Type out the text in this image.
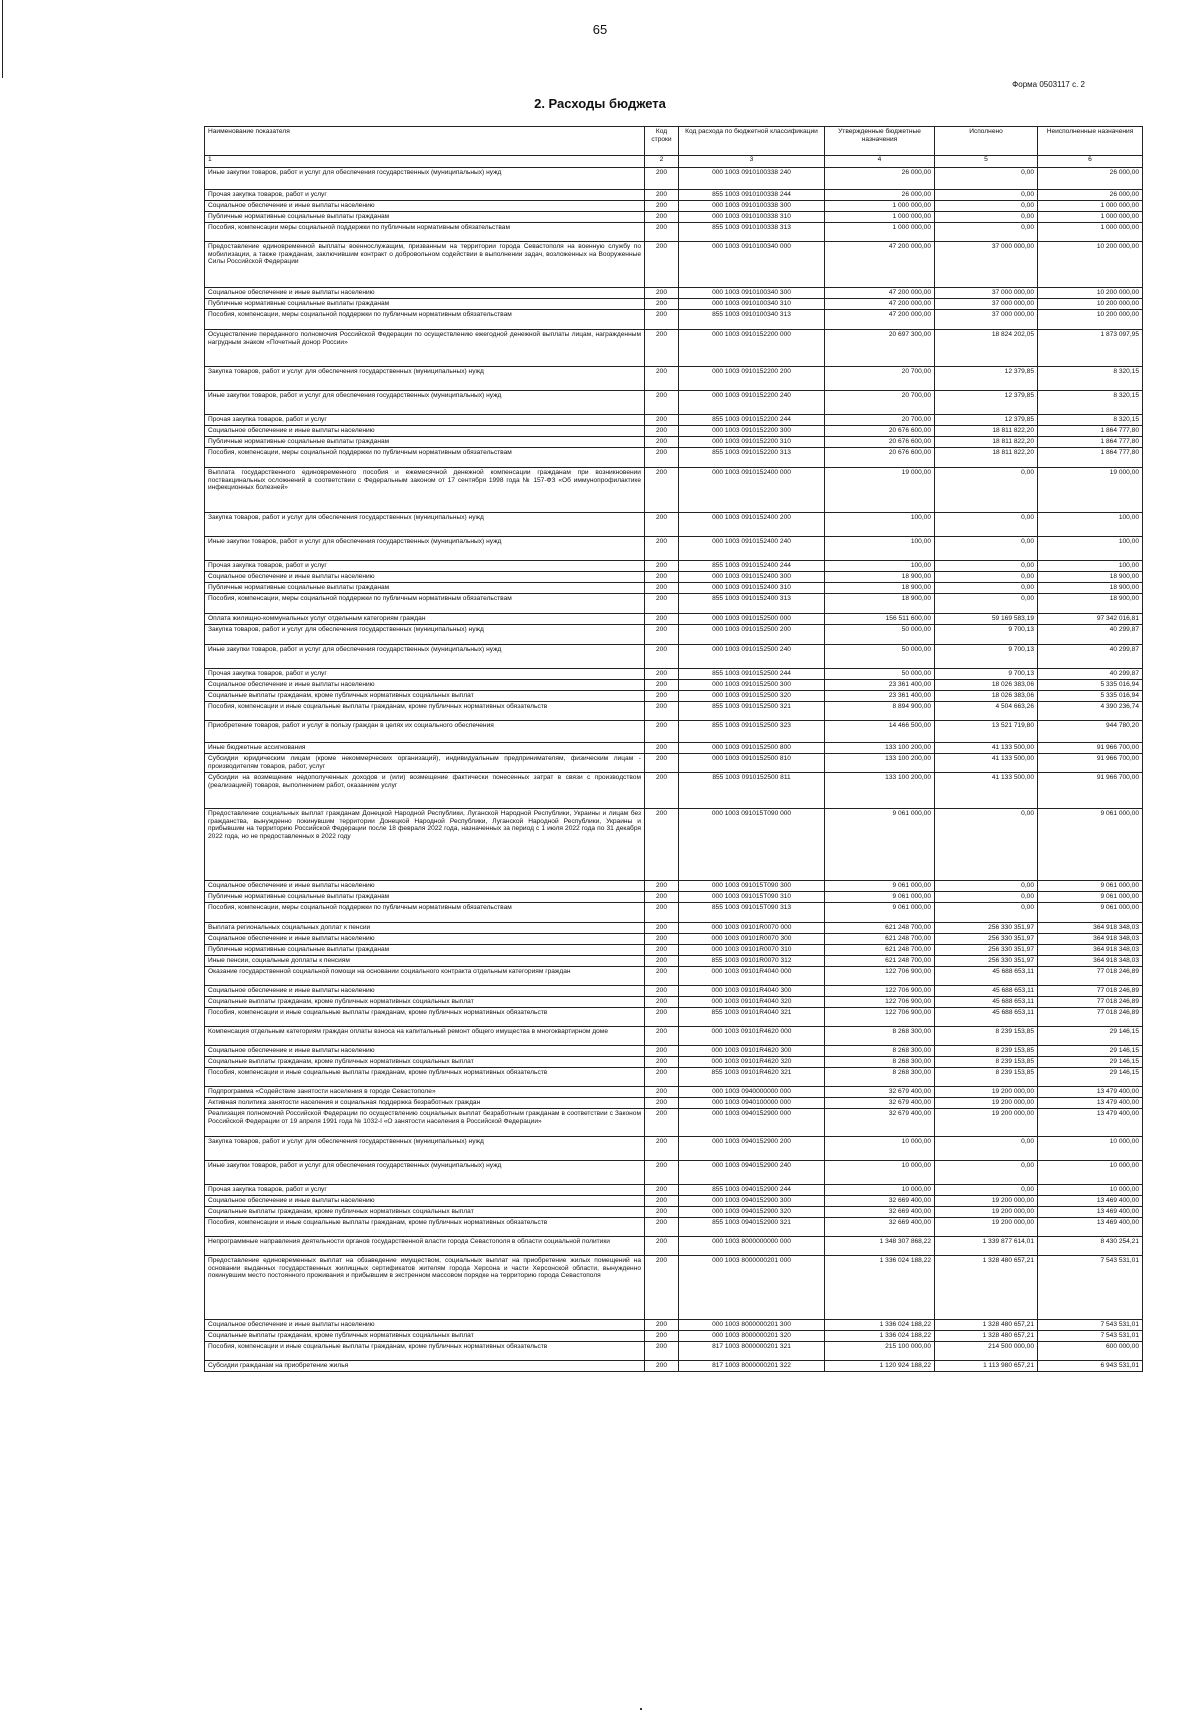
65
Форма 0503117 с. 2
2. Расходы бюджета
Наименование показателя	Код строки	Код расхода по бюджетной классификации	Утвержденные бюджетные назначения	Исполнено	Неисполненные назначения
1	2	3	4	5	6
Иные закупки товаров, работ и услуг для обеспечения государственных (муниципальных) нужд	200	000 1003 0910100338 240	26 000,00	0,00	26 000,00
Прочая закупка товаров, работ и услуг	200	855 1003 0910100338 244	26 000,00	0,00	26 000,00
Социальное обеспечение и иные выплаты населению	200	000 1003 0910100338 300	1 000 000,00	0,00	1 000 000,00
Публичные нормативные социальные выплаты гражданам	200	000 1003 0910100338 310	1 000 000,00	0,00	1 000 000,00
Пособия, компенсации меры социальной поддержки по публичным нормативным обязательствам	200	855 1003 0910100338 313	1 000 000,00	0,00	1 000 000,00
Предоставление единовременной выплаты военнослужащим, призванным на территории города Севастополя на военную службу по мобилизации, а также гражданам, заключившим контракт о добровольном содействии в выполнении задач, возложенных на Вооруженные Силы Российской Федерации	200	000 1003 0910100340 000	47 200 000,00	37 000 000,00	10 200 000,00
Социальное обеспечение и иные выплаты населению	200	000 1003 0910100340 300	47 200 000,00	37 000 000,00	10 200 000,00
Публичные нормативные социальные выплаты гражданам	200	000 1003 0910100340 310	47 200 000,00	37 000 000,00	10 200 000,00
Пособия, компенсации, меры социальной поддержки по публичным нормативным обязательствам	200	855 1003 0910100340 313	47 200 000,00	37 000 000,00	10 200 000,00
Осуществление переданного полномочия Российской Федерации по осуществлению ежегодной денежной выплаты лицам, награжденным нагрудным знаком «Почетный донор России»	200	000 1003 0910152200 000	20 697 300,00	18 824 202,05	1 873 097,95
Закупка товаров, работ и услуг для обеспечения государственных (муниципальных) нужд	200	000 1003 0910152200 200	20 700,00	12 379,85	8 320,15
Иные закупки товаров, работ и услуг для обеспечения государственных (муниципальных) нужд	200	000 1003 0910152200 240	20 700,00	12 379,85	8 320,15
Прочая закупка товаров, работ и услуг	200	855 1003 0910152200 244	20 700,00	12 379,85	8 320,15
Социальное обеспечение и иные выплаты населению	200	000 1003 0910152200 300	20 676 600,00	18 811 822,20	1 864 777,80
Публичные нормативные социальные выплаты гражданам	200	000 1003 0910152200 310	20 676 600,00	18 811 822,20	1 864 777,80
Пособия, компенсации, меры социальной поддержки по публичным нормативным обязательствам	200	855 1003 0910152200 313	20 676 600,00	18 811 822,20	1 864 777,80
Выплата государственного единовременного пособия и ежемесячной денежной компенсации гражданам при возникновении поствакцинальных осложнений в соответствии с Федеральным законом от 17 сентября 1998 года № 157-ФЗ «Об иммунопрофилактике инфекционных болезней»	200	000 1003 0910152400 000	19 000,00	0,00	19 000,00
Закупка товаров, работ и услуг для обеспечения государственных (муниципальных) нужд	200	000 1003 0910152400 200	100,00	0,00	100,00
Иные закупки товаров, работ и услуг для обеспечения государственных (муниципальных) нужд	200	000 1003 0910152400 240	100,00	0,00	100,00
Прочая закупка товаров, работ и услуг	200	855 1003 0910152400 244	100,00	0,00	100,00
Социальное обеспечение и иные выплаты населению	200	000 1003 0910152400 300	18 900,00	0,00	18 900,00
Публичные нормативные социальные выплаты гражданам	200	000 1003 0910152400 310	18 900,00	0,00	18 900,00
Пособия, компенсации, меры социальной поддержки по публичным нормативным обязательствам	200	855 1003 0910152400 313	18 900,00	0,00	18 900,00
Оплата жилищно-коммунальных услуг отдельным категориям граждан	200	000 1003 0910152500 000	156 511 600,00	59 169 583,19	97 342 016,81
Закупка товаров, работ и услуг для обеспечения государственных (муниципальных) нужд	200	000 1003 0910152500 200	50 000,00	9 700,13	40 299,87
Иные закупки товаров, работ и услуг для обеспечения государственных (муниципальных) нужд	200	000 1003 0910152500 240	50 000,00	9 700,13	40 299,87
Прочая закупка товаров, работ и услуг	200	855 1003 0910152500 244	50 000,00	9 700,13	40 299,87
Социальное обеспечение и иные выплаты населению	200	000 1003 0910152500 300	23 361 400,00	18 026 383,06	5 335 016,94
Социальные выплаты гражданам, кроме публичных нормативных социальных выплат	200	000 1003 0910152500 320	23 361 400,00	18 026 383,06	5 335 016,94
Пособия, компенсации и иные социальные выплаты гражданам, кроме публичных нормативных обязательств	200	855 1003 0910152500 321	8 894 900,00	4 504 663,26	4 390 236,74
Приобретение товаров, работ и услуг в пользу граждан в целях их социального обеспечения	200	855 1003 0910152500 323	14 466 500,00	13 521 719,80	944 780,20
Иные бюджетные ассигнования	200	000 1003 0910152500 800	133 100 200,00	41 133 500,00	91 966 700,00
Субсидии юридическим лицам (кроме некоммерческих организаций), индивидуальным предпринимателям, физическим лицам - производителям товаров, работ, услуг	200	000 1003 0910152500 810	133 100 200,00	41 133 500,00	91 966 700,00
Субсидии на возмещение недополученных доходов и (или) возмещение фактически понесенных затрат в связи с производством (реализацией) товаров, выполнением работ, оказанием услуг	200	855 1003 0910152500 811	133 100 200,00	41 133 500,00	91 966 700,00
Предоставление социальных выплат гражданам Донецкой Народной Республики, Луганской Народной Республики, Украины и лицам без гражданства, вынужденно покинувшим территории Донецкой Народной Республики, Луганской Народной Республики, Украины и прибывшим на территорию Российской Федерации после 18 февраля 2022 года, назначенных за период с 1 июля 2022 года по 31 декабря 2022 года, но не предоставленных в 2022 году	200	000 1003 091015Т090 000	9 061 000,00	0,00	9 061 000,00
Социальное обеспечение и иные выплаты населению	200	000 1003 091015Т090 300	9 061 000,00	0,00	9 061 000,00
Публичные нормативные социальные выплаты гражданам	200	000 1003 091015Т090 310	9 061 000,00	0,00	9 061 000,00
Пособия, компенсации, меры социальной поддержки по публичным нормативным обязательствам	200	855 1003 091015Т090 313	9 061 000,00	0,00	9 061 000,00
Выплата региональных социальных доплат к пенсии	200	000 1003 09101R0070 000	621 248 700,00	256 330 351,97	364 918 348,03
Социальное обеспечение и иные выплаты населению	200	000 1003 09101R0070 300	621 248 700,00	256 330 351,97	364 918 348,03
Публичные нормативные социальные выплаты гражданам	200	000 1003 09101R0070 310	621 248 700,00	256 330 351,97	364 918 348,03
Иные пенсии, социальные доплаты к пенсиям	200	855 1003 09101R0070 312	621 248 700,00	256 330 351,97	364 918 348,03
Оказание государственной социальной помощи на основании социального контракта отдельным категориям граждан	200	000 1003 09101R4040 000	122 706 900,00	45 688 653,11	77 018 246,89
Социальное обеспечение и иные выплаты населению	200	000 1003 09101R4040 300	122 706 900,00	45 688 653,11	77 018 246,89
Социальные выплаты гражданам, кроме публичных нормативных социальных выплат	200	000 1003 09101R4040 320	122 706 900,00	45 688 653,11	77 018 246,89
Пособия, компенсации и иные социальные выплаты гражданам, кроме публичных нормативных обязательств	200	855 1003 09101R4040 321	122 706 900,00	45 688 653,11	77 018 246,89
Компенсация отдельным категориям граждан оплаты взноса на капитальный ремонт общего имущества в многоквартирном доме	200	000 1003 09101R4620 000	8 268 300,00	8 239 153,85	29 146,15
Социальное обеспечение и иные выплаты населению	200	000 1003 09101R4620 300	8 268 300,00	8 239 153,85	29 146,15
Социальные выплаты гражданам, кроме публичных нормативных социальных выплат	200	000 1003 09101R4620 320	8 268 300,00	8 239 153,85	29 146,15
Пособия, компенсации и иные социальные выплаты гражданам, кроме публичных нормативных обязательств	200	855 1003 09101R4620 321	8 268 300,00	8 239 153,85	29 146,15
Подпрограмма «Содействие занятости населения в городе Севастополе»	200	000 1003 0940000000 000	32 679 400,00	19 200 000,00	13 479 400,00
Активная политика занятости населения и социальная поддержка безработных граждан	200	000 1003 0940100000 000	32 679 400,00	19 200 000,00	13 479 400,00
Реализация полномочий Российской Федерации по осуществлению социальных выплат безработным гражданам в соответствии с Законом Российской Федерации от 19 апреля 1991 года № 1032-I «О занятости населения в Российской Федерации»	200	000 1003 0940152900 000	32 679 400,00	19 200 000,00	13 479 400,00
Закупка товаров, работ и услуг для обеспечения государственных (муниципальных) нужд	200	000 1003 0940152900 200	10 000,00	0,00	10 000,00
Иные закупки товаров, работ и услуг для обеспечения государственных (муниципальных) нужд	200	000 1003 0940152900 240	10 000,00	0,00	10 000,00
Прочая закупка товаров, работ и услуг	200	855 1003 0940152900 244	10 000,00	0,00	10 000,00
Социальное обеспечение и иные выплаты населению	200	000 1003 0940152900 300	32 669 400,00	19 200 000,00	13 469 400,00
Социальные выплаты гражданам, кроме публичных нормативных социальных выплат	200	000 1003 0940152900 320	32 669 400,00	19 200 000,00	13 469 400,00
Пособия, компенсации и иные социальные выплаты гражданам, кроме публичных нормативных обязательств	200	855 1003 0940152900 321	32 669 400,00	19 200 000,00	13 469 400,00
Непрограммные направления деятельности органов государственной власти города Севастополя в области социальной политики	200	000 1003 8000000000 000	1 348 307 868,22	1 339 877 614,01	8 430 254,21
Предоставление единовременных выплат на обзаведение имуществом, социальных выплат на приобретение жилых помещений на основании выданных государственных жилищных сертификатов жителям города Херсона и части Херсонской области, вынужденно покинувшим место постоянного проживания и прибывшим в экстренном массовом порядке на территорию города Севастополя	200	000 1003 8000000201 000	1 336 024 188,22	1 328 480 657,21	7 543 531,01
Социальное обеспечение и иные выплаты населению	200	000 1003 8000000201 300	1 336 024 188,22	1 328 480 657,21	7 543 531,01
Социальные выплаты гражданам, кроме публичных нормативных социальных выплат	200	000 1003 8000000201 320	1 336 024 188,22	1 328 480 657,21	7 543 531,01
Пособия, компенсации и иные социальные выплаты гражданам, кроме публичных нормативных обязательств	200	817 1003 8000000201 321	215 100 000,00	214 500 000,00	600 000,00
Субсидии гражданам на приобретение жилья	200	817 1003 8000000201 322	1 120 924 188,22	1 113 980 657,21	6 943 531,01
